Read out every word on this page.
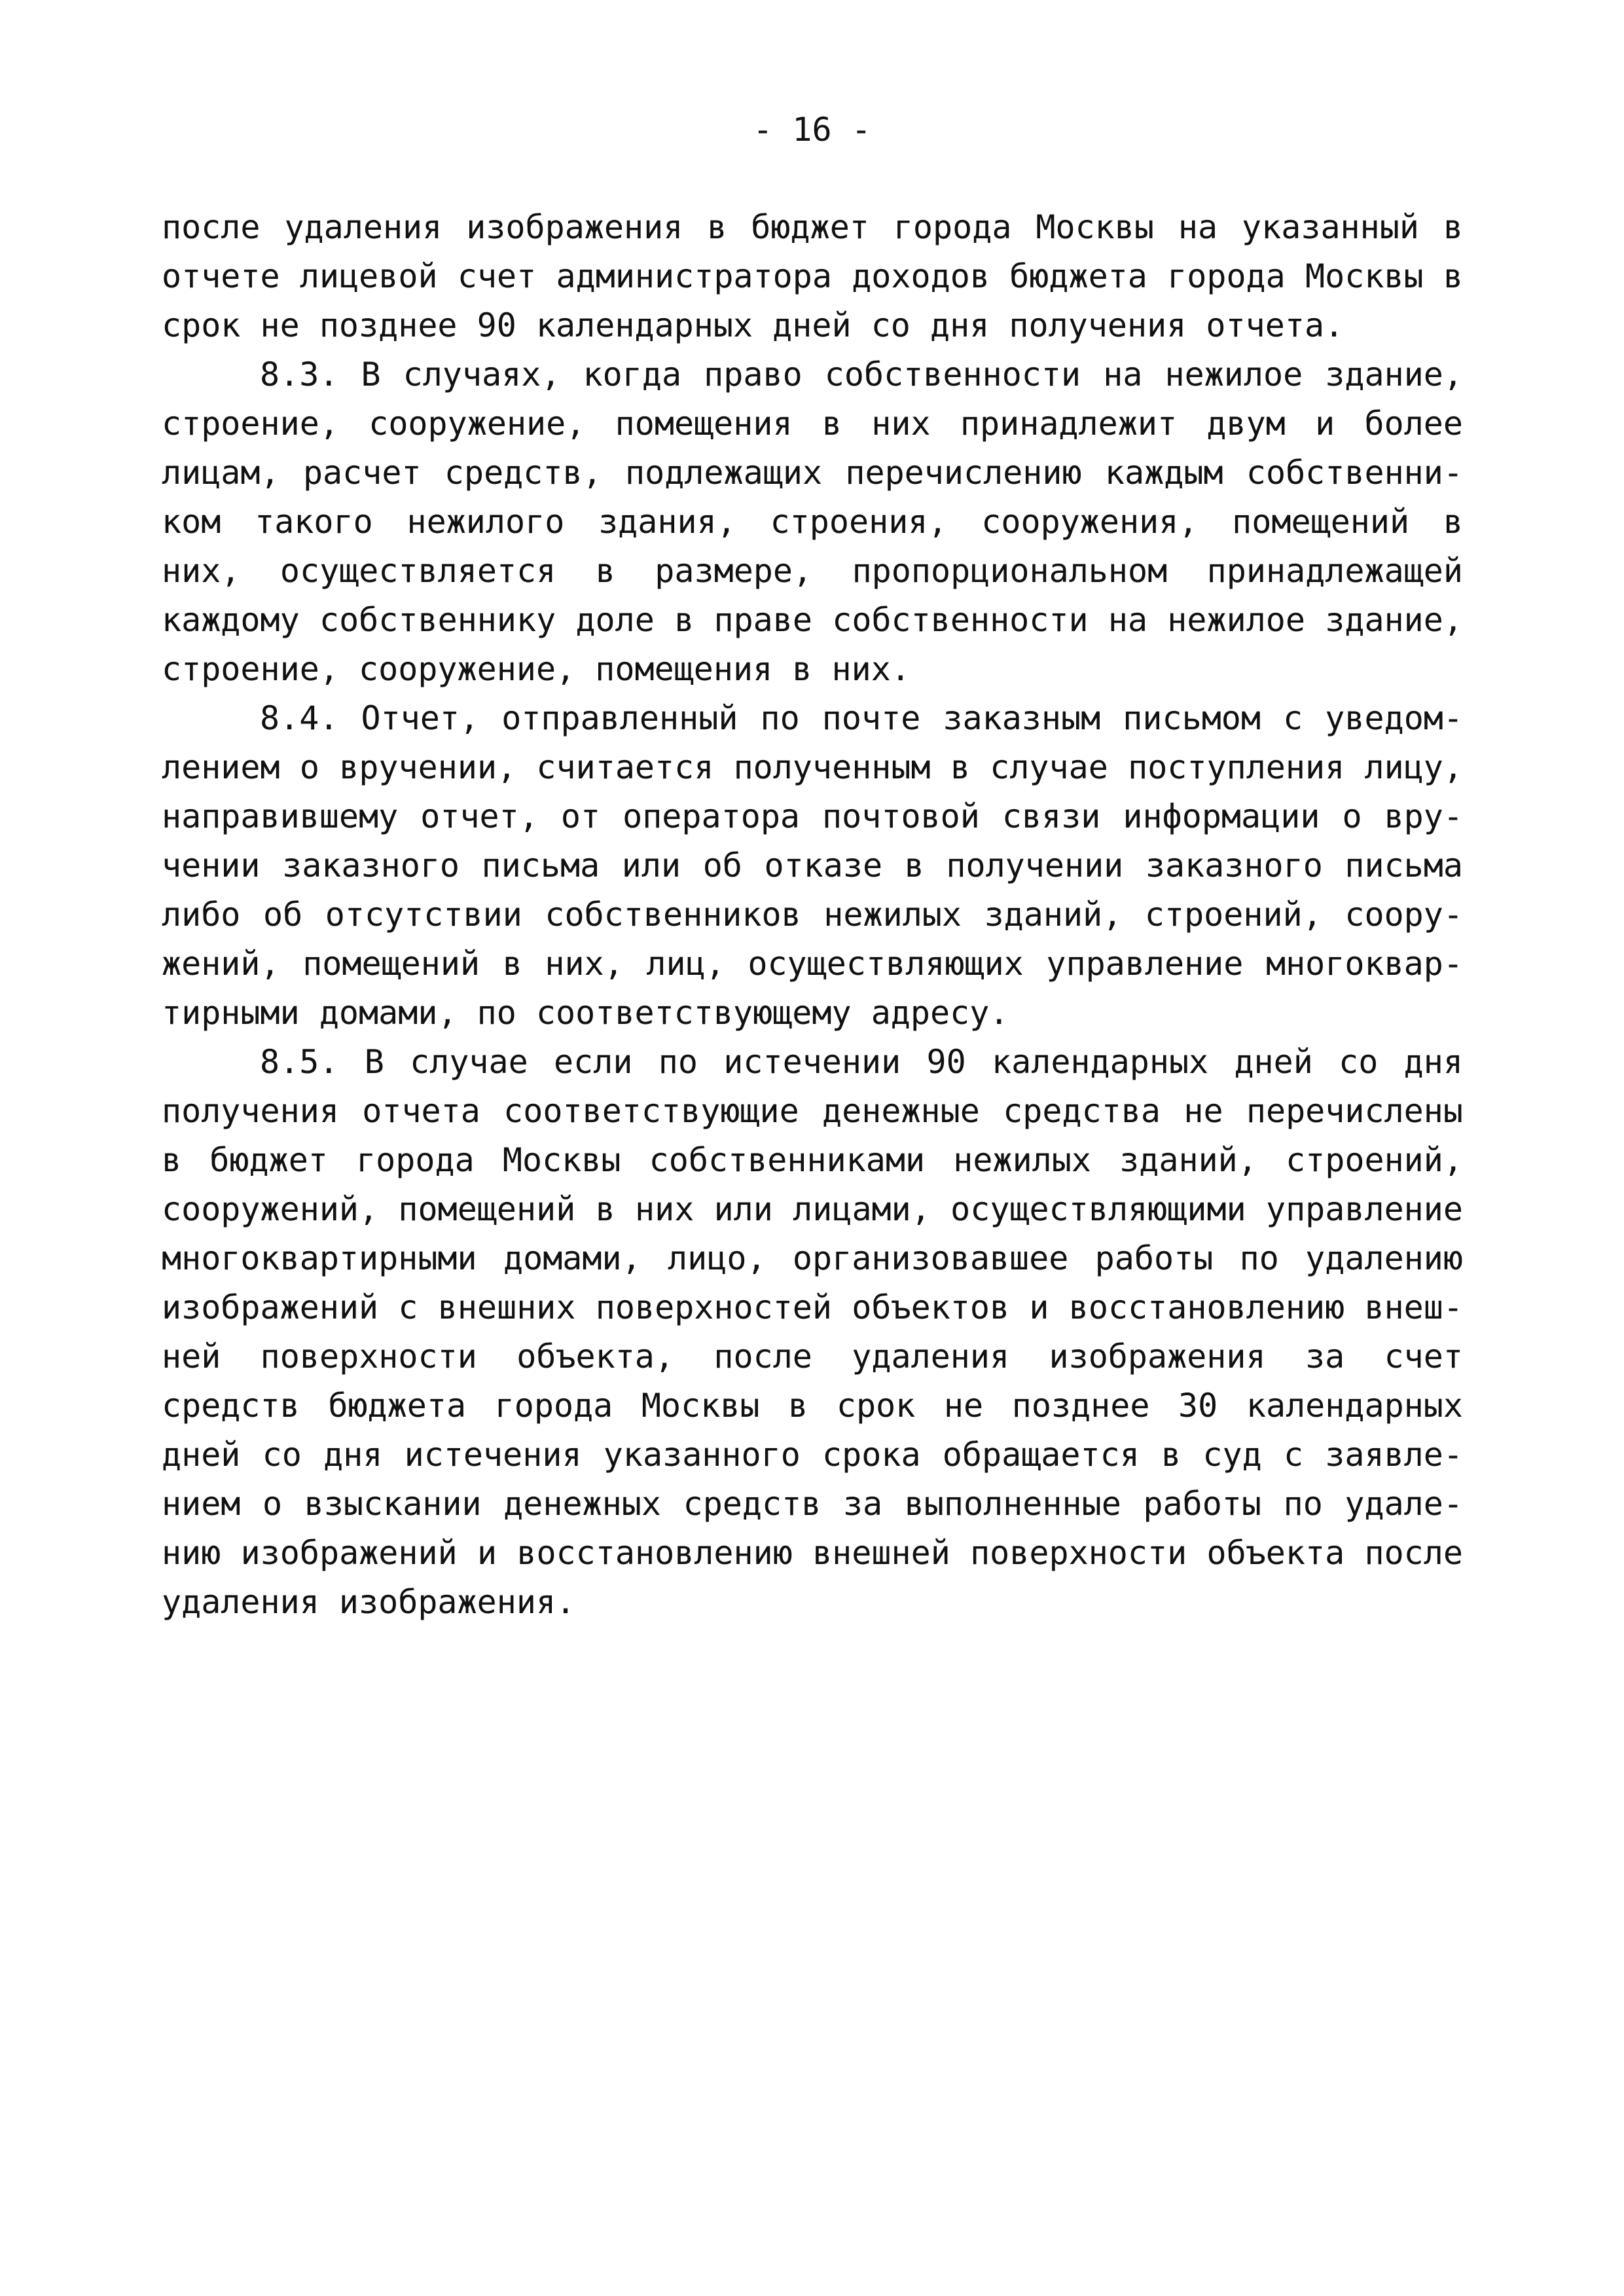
- 16 -
после удаления изображения в бюджет города Москвы на указанный в
отчете лицевой счет администратора доходов бюджета города Москвы в
срок не позднее 90 календарных дней со дня получения отчета.
8.3. В случаях, когда право собственности на нежилое здание,
строение, сооружение, помещения в них принадлежит двум и более
лицам, расчет средств, подлежащих перечислению каждым собственни-
ком такого нежилого здания, строения, сооружения, помещений в
них, осуществляется в размере, пропорциональном принадлежащей
каждому собственнику доле в праве собственности на нежилое здание,
строение, сооружение, помещения в них.
8.4. Отчет, отправленный по почте заказным письмом с уведом-
лением о вручении, считается полученным в случае поступления лицу,
направившему отчет, от оператора почтовой связи информации о вру-
чении заказного письма или об отказе в получении заказного письма
либо об отсутствии собственников нежилых зданий, строений, соору-
жений, помещений в них, лиц, осуществляющих управление многоквар-
тирными домами, по соответствующему адресу.
8.5. В случае если по истечении 90 календарных дней со дня
получения отчета соответствующие денежные средства не перечислены
в бюджет города Москвы собственниками нежилых зданий, строений,
сооружений, помещений в них или лицами, осуществляющими управление
многоквартирными домами, лицо, организовавшее работы по удалению
изображений с внешних поверхностей объектов и восстановлению внеш-
ней поверхности объекта, после удаления изображения за счет
средств бюджета города Москвы в срок не позднее 30 календарных
дней со дня истечения указанного срока обращается в суд с заявле-
нием о взыскании денежных средств за выполненные работы по удале-
нию изображений и восстановлению внешней поверхности объекта после
удаления изображения.
